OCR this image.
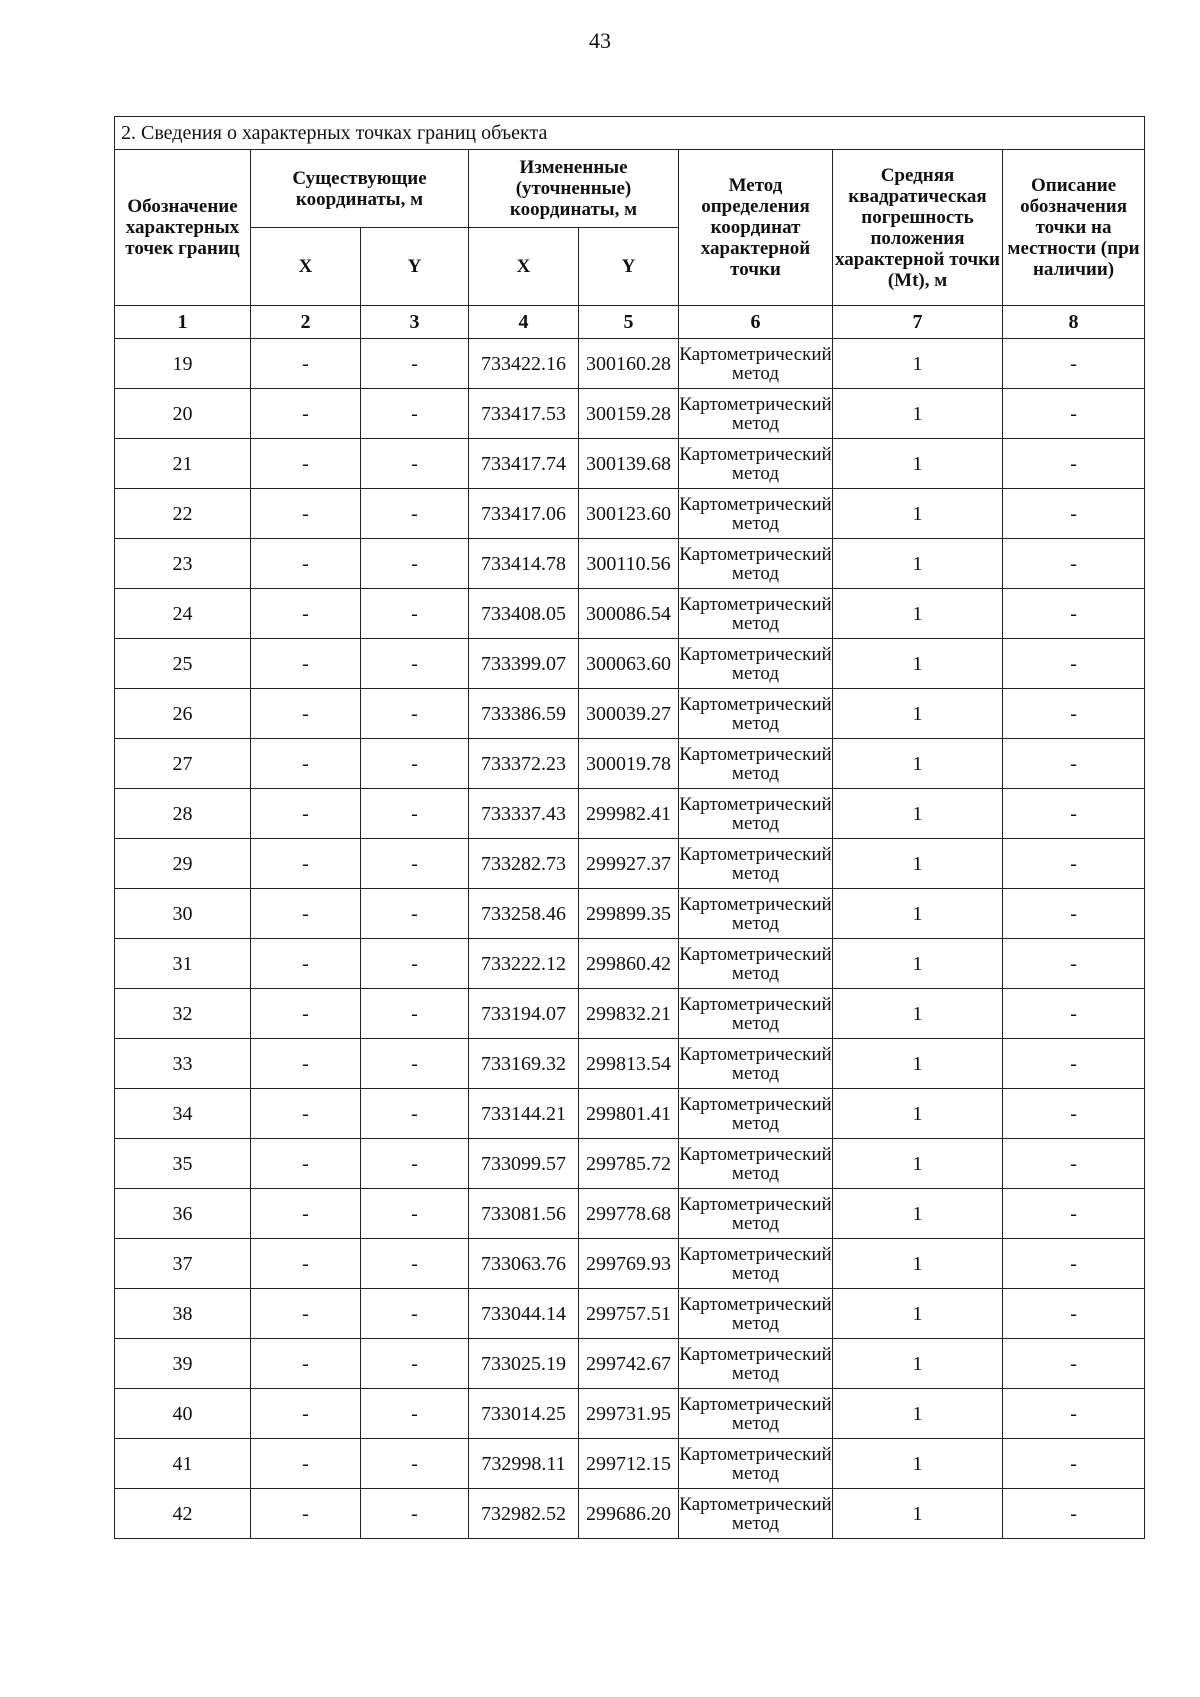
43
2. Сведения о характерных точках границ объекта							
Обозначение характерных точек границ	Существующие координаты, м		Измененные (уточненные) координаты, м		Метод определения координат характерной точки	Средняя квадратическая погрешность положения характерной точки (Mt), м	Описание обозначения точки на местности (при наличии)
	X	Y	X	Y			
1	2	3	4	5	6	7	8
19	-	-	733422.16	300160.28	Картометрический метод	1	-
20	-	-	733417.53	300159.28	Картометрический метод	1	-
21	-	-	733417.74	300139.68	Картометрический метод	1	-
22	-	-	733417.06	300123.60	Картометрический метод	1	-
23	-	-	733414.78	300110.56	Картометрический метод	1	-
24	-	-	733408.05	300086.54	Картометрический метод	1	-
25	-	-	733399.07	300063.60	Картометрический метод	1	-
26	-	-	733386.59	300039.27	Картометрический метод	1	-
27	-	-	733372.23	300019.78	Картометрический метод	1	-
28	-	-	733337.43	299982.41	Картометрический метод	1	-
29	-	-	733282.73	299927.37	Картометрический метод	1	-
30	-	-	733258.46	299899.35	Картометрический метод	1	-
31	-	-	733222.12	299860.42	Картометрический метод	1	-
32	-	-	733194.07	299832.21	Картометрический метод	1	-
33	-	-	733169.32	299813.54	Картометрический метод	1	-
34	-	-	733144.21	299801.41	Картометрический метод	1	-
35	-	-	733099.57	299785.72	Картометрический метод	1	-
36	-	-	733081.56	299778.68	Картометрический метод	1	-
37	-	-	733063.76	299769.93	Картометрический метод	1	-
38	-	-	733044.14	299757.51	Картометрический метод	1	-
39	-	-	733025.19	299742.67	Картометрический метод	1	-
40	-	-	733014.25	299731.95	Картометрический метод	1	-
41	-	-	732998.11	299712.15	Картометрический метод	1	-
42	-	-	732982.52	299686.20	Картометрический метод	1	-
